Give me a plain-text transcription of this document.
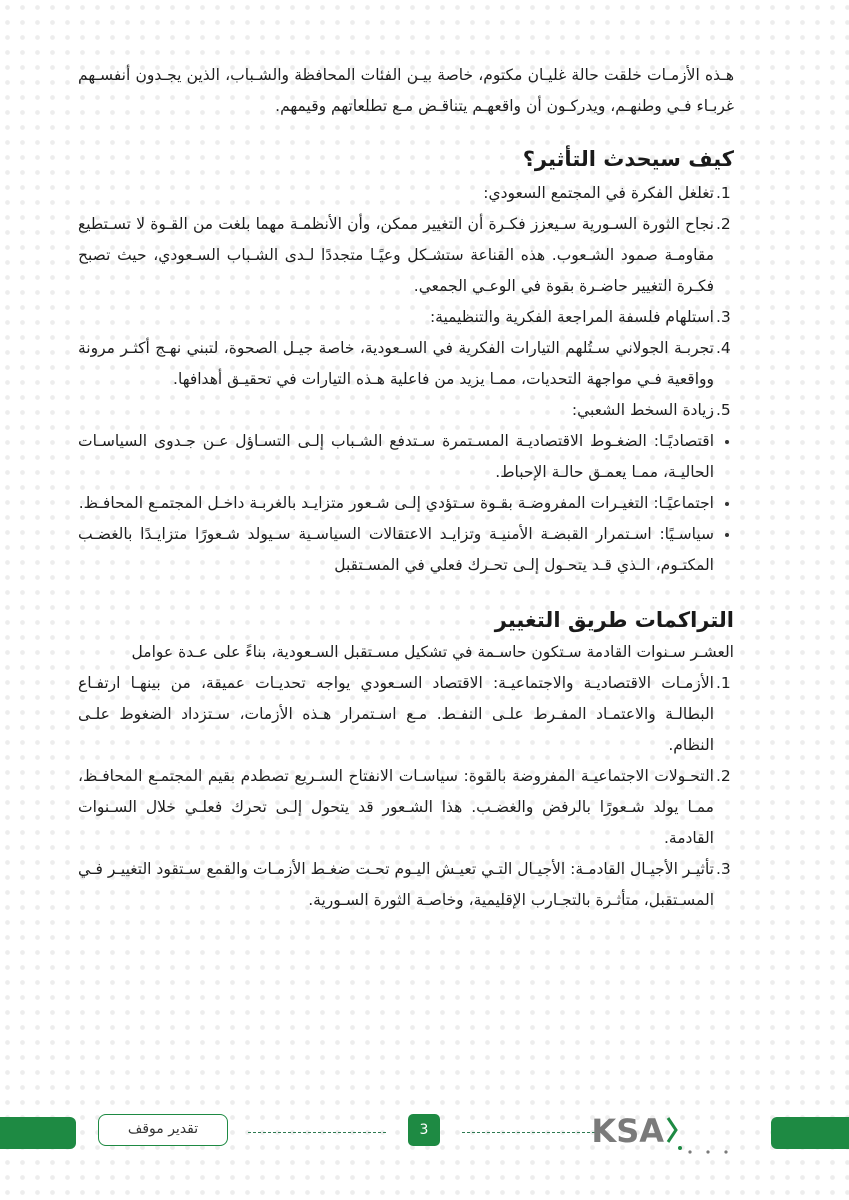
هـذه الأزمـات خلقت حالة غليـان مكتوم، خاصة بيـن الفئات المحافظة والشـباب، الذين يجـدون أنفسـهم غربـاء فـي وطنهـم، ويدركـون أن واقعهـم يتناقـض مـع تطلعاتهم وقيمهم.

كيف سيحدث التأثير؟
.1
تغلغل الفكرة في المجتمع السعودي:
.2
نجاح الثورة السـورية سـيعزز فكـرة أن التغيير ممكن، وأن الأنظمـة مهما بلغت من القـوة لا تسـتطيع مقاومـة صمود الشـعوب. هذه القناعة ستشـكل وعيًـا متجددًا لـدى الشـباب السـعودي، حيث تصبح فكـرة التغيير حاضـرة بقوة في الوعـي الجمعي.
.3
استلهام فلسفة المراجعة الفكرية والتنظيمية:
.4
تجربـة الجولاني سـتُلهم التيارات الفكرية في السـعودية، خاصة جيـل الصحوة، لتبني نهـج أكثـر مرونة وواقعية فـي مواجهة التحديات، ممـا يزيد من فاعلية هـذه التيارات في تحقيـق أهدافها.
.5
زيادة السخط الشعبي:
اقتصاديًـا: الضغـوط الاقتصاديـة المسـتمرة سـتدفع الشـباب إلـى التسـاؤل عـن جـدوى السياسـات الحاليـة، ممـا يعمـق حالـة الإحباط.
اجتماعيًـا: التغيـرات المفروضـة بقـوة سـتؤدي إلـى شـعور متزايـد بالغربـة داخـل المجتمـع المحافـظ.
سياسـيًا: اسـتمرار القبضـة الأمنيـة وتزايـد الاعتقالات السياسـية سـيولد شـعورًا متزايـدًا بالغضـب المكتـوم، الـذي قـد يتحـول إلـى تحـرك فعلي في المسـتقبل
التراكمات طريق التغيير

العشـر سـنوات القادمة سـتكون حاسـمة في تشكيل مسـتقبل السـعودية، بناءً على عـدة عوامل

.1
الأزمـات الاقتصاديـة والاجتماعيـة: الاقتصاد السـعودي يواجه تحديـات عميقة، من بينهـا ارتفـاع البطالـة والاعتمـاد المفـرط علـى النفـط. مـع اسـتمرار هـذه الأزمات، سـتزداد الضغوط علـى النظام.
.2
التحـولات الاجتماعيـة المفروضة بالقوة: سياسـات الانفتاح السـريع تصطدم بقيم المجتمـع المحافـظ، ممـا يولد شـعورًا بالرفض والغضـب. هذا الشـعور قد يتحول إلـى تحرك فعلـي خلال السـنوات القادمة.
.3
تأثيـر الأجيـال القادمـة: الأجيـال التـي تعيـش اليـوم تحـت ضغـط الأزمـات والقمع سـتقود التغييـر فـي المسـتقبل، متأثـرة بالتجـارب الإقليمية، وخاصـة الثورة السـورية.
تقدير موقف	3	KSA
